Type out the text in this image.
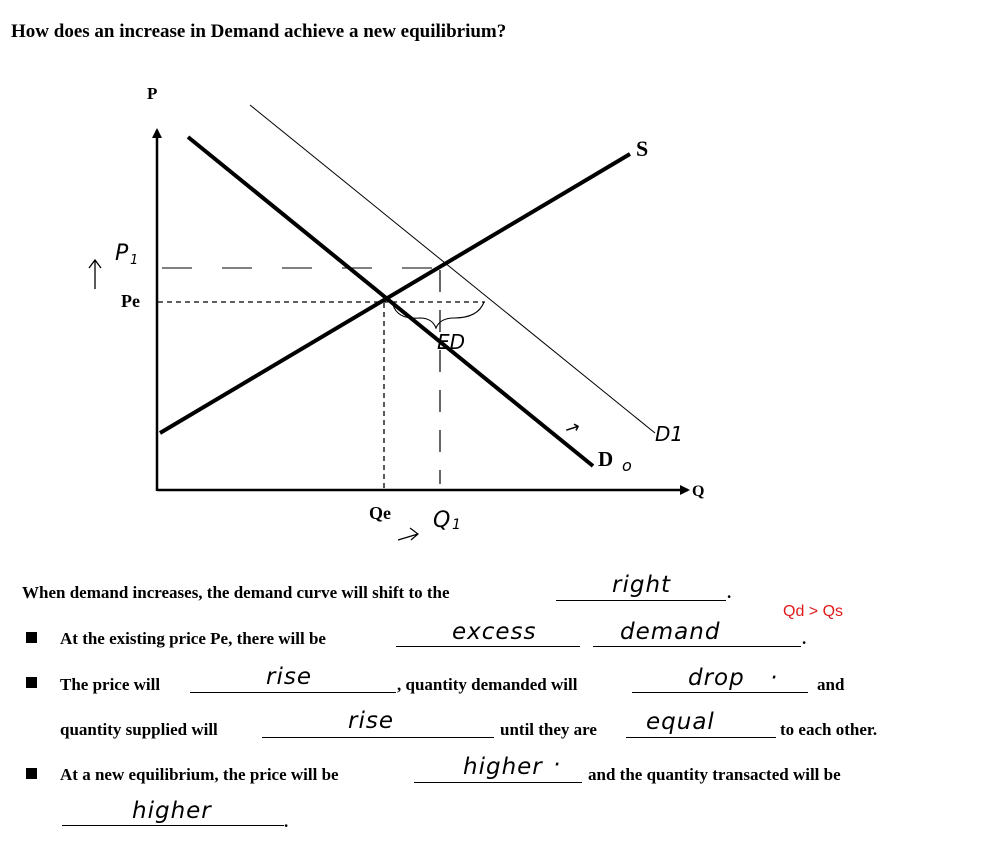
How does an increase in Demand achieve a new equilibrium?
P
Q
S
D o
D1
→
Pe
Qe
P 1
Q 1
ED
When demand increases, the demand curve will shift to the	right	.
Qd > Qs
At the existing price Pe, there will be	excess	demand	.
The price will	rise	, quantity demanded will	drop · and
quantity supplied will	rise	until they are equal	to each other.
At a new equilibrium, the price will be	higher · and the quantity transacted will be
higher	.
